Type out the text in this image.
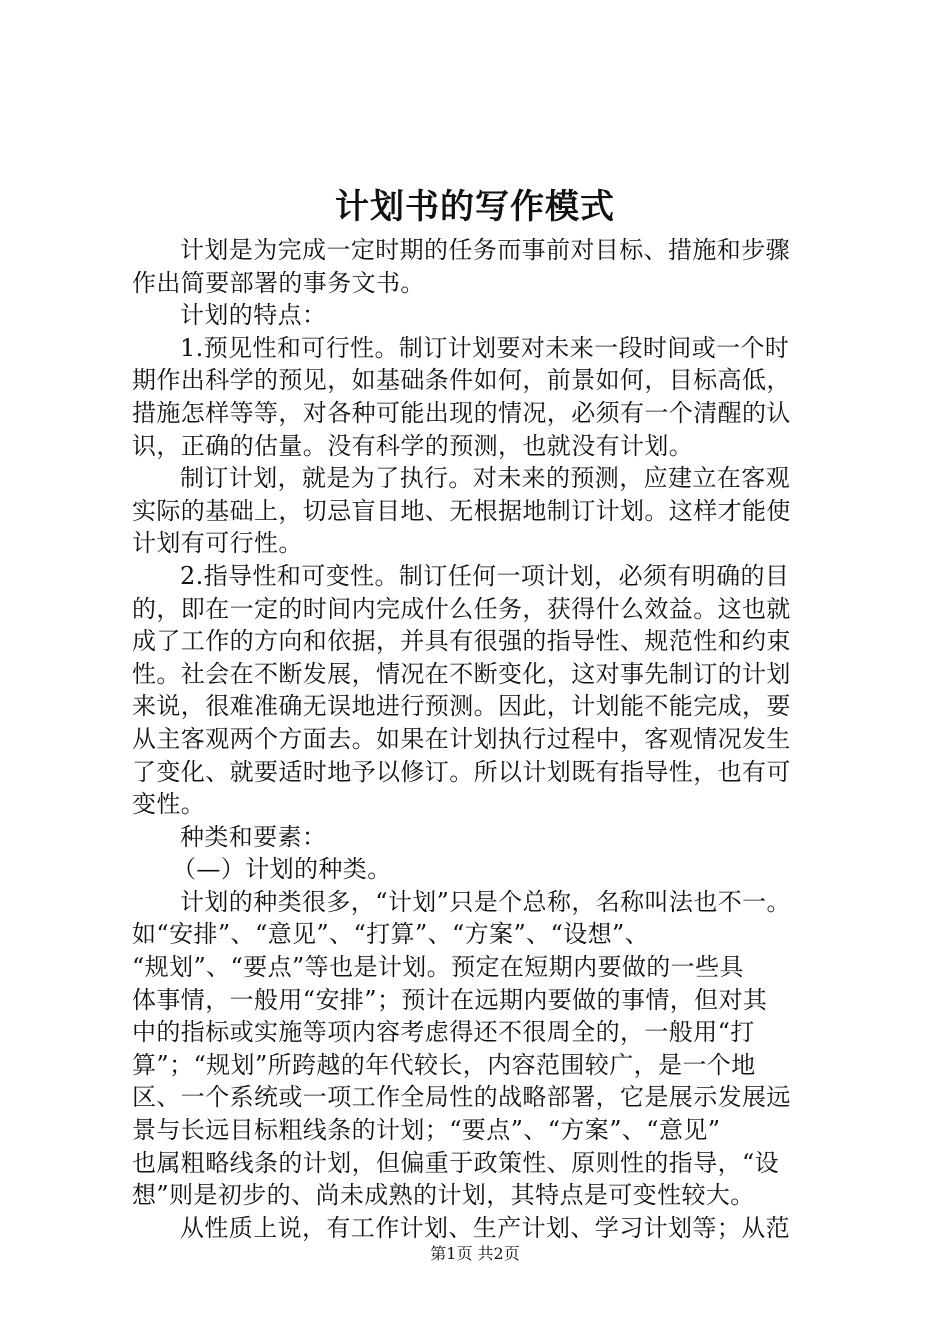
计划书的写作模式
计划是为完成一定时期的任务而事前对目标、措施和步骤
作出简要部署的事务文书。
计划的特点：
1.预见性和可行性。制订计划要对未来一段时间或一个时
期作出科学的预见，如基础条件如何，前景如何，目标高低，
措施怎样等等，对各种可能出现的情况，必须有一个清醒的认
识，正确的估量。没有科学的预测，也就没有计划。
制订计划，就是为了执行。对未来的预测，应建立在客观
实际的基础上，切忌盲目地、无根据地制订计划。这样才能使
计划有可行性。
2.指导性和可变性。制订任何一项计划，必须有明确的目
的，即在一定的时间内完成什么任务，获得什么效益。这也就
成了工作的方向和依据，并具有很强的指导性、规范性和约束
性。社会在不断发展，情况在不断变化，这对事先制订的计划
来说，很难准确无误地进行预测。因此，计划能不能完成，要
从主客观两个方面去。如果在计划执行过程中，客观情况发生
了变化、就要适时地予以修订。所以计划既有指导性，也有可
变性。
种类和要素：
（—）计划的种类。
计划的种类很多，“计划”只是个总称，名称叫法也不一。
如“安排”、“意见”、“打算”、“方案”、“设想”、
“规划”、“要点”等也是计划。预定在短期内要做的一些具
体事情，一般用“安排”；预计在远期内要做的事情，但对其
中的指标或实施等项内容考虑得还不很周全的，一般用“打
算”；“规划”所跨越的年代较长，内容范围较广，是一个地
区、一个系统或一项工作全局性的战略部署，它是展示发展远
景与长远目标粗线条的计划；“要点”、“方案”、“意见”
也属粗略线条的计划，但偏重于政策性、原则性的指导，“设
想”则是初步的、尚未成熟的计划，其特点是可变性较大。
从性质上说，有工作计划、生产计划、学习计划等；从范
第1页 共2页
